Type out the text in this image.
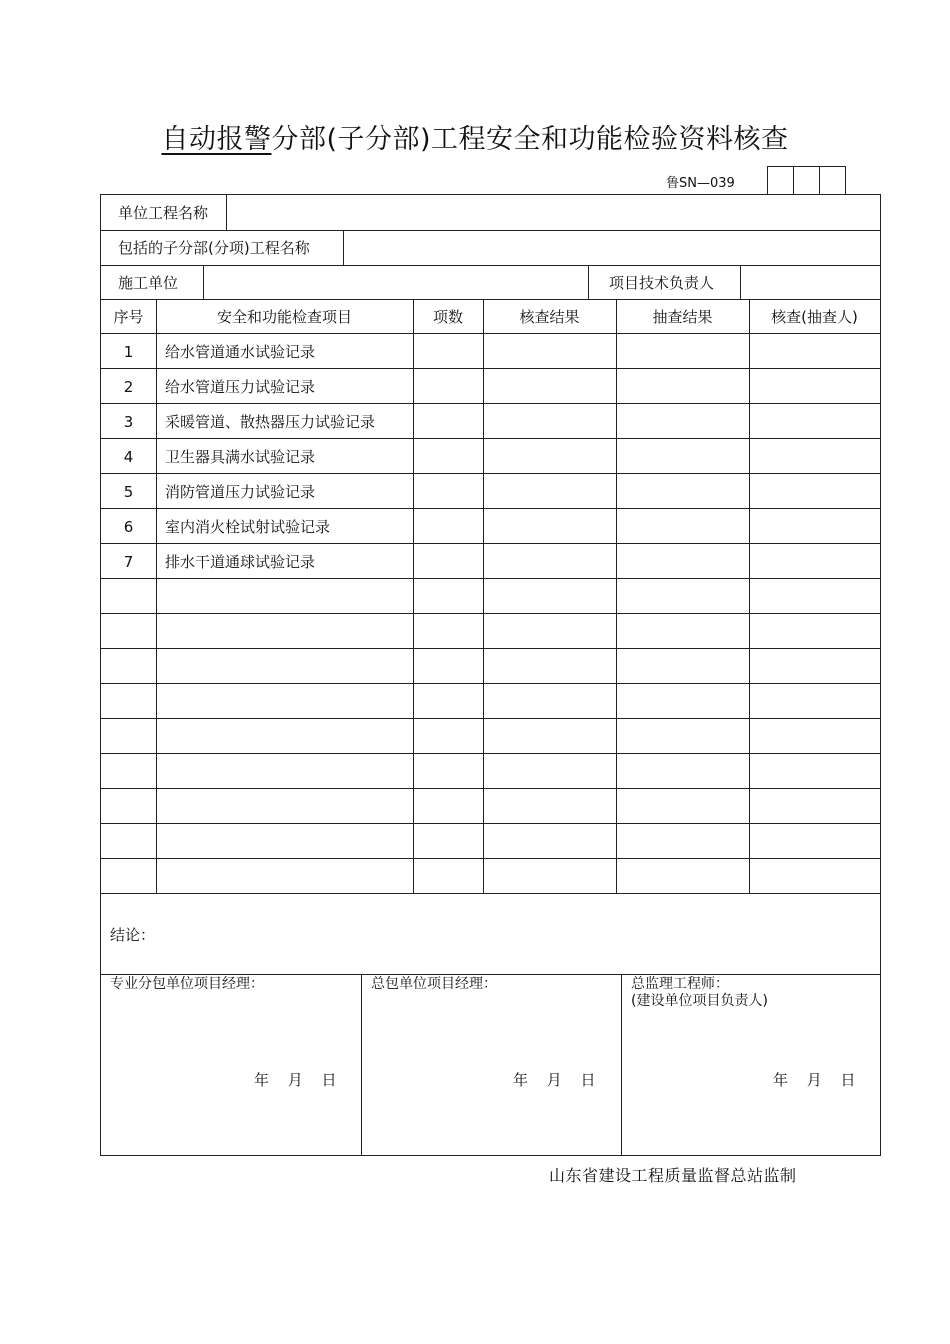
自动报警分部(子分部)工程安全和功能检验资料核查
鲁SN—039
单位工程名称
包括的子分部(分项)工程名称
施工单位	项目技术负责人
序号	安全和功能检查项目	项数	核查结果	抽查结果	核查(抽查人)
1	给水管道通水试验记录
2	给水管道压力试验记录
3	采暖管道、散热器压力试验记录
4	卫生器具满水试验记录
5	消防管道压力试验记录
6	室内消火栓试射试验记录
7	排水干道通球试验记录
结论：
专业分包单位项目经理：
年 月 日
总包单位项目经理：
年 月 日
总监理工程师：
(建设单位项目负责人)
年 月 日
山东省建设工程质量监督总站监制
